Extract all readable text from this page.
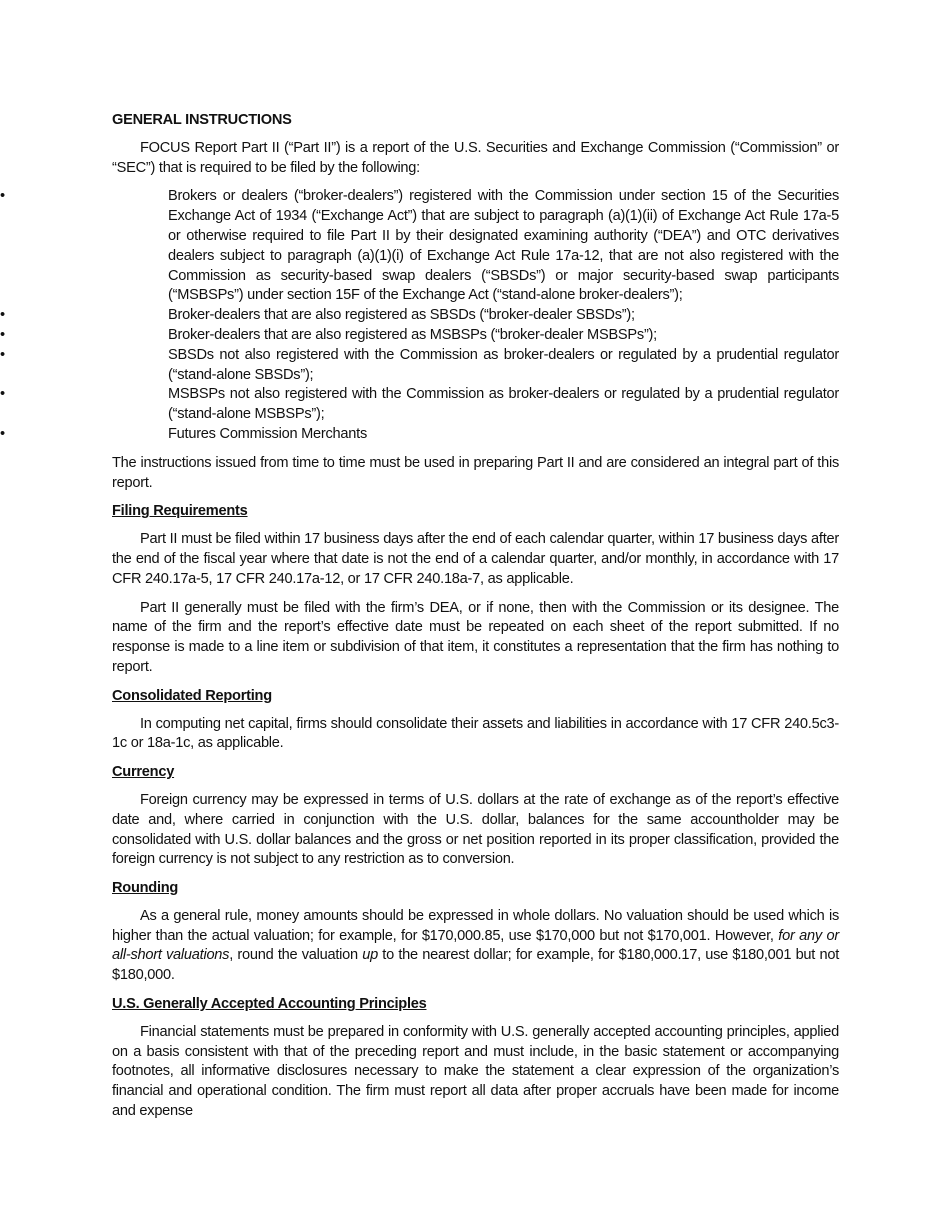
GENERAL INSTRUCTIONS

FOCUS Report Part II (“Part II”) is a report of the U.S. Securities and Exchange Commission (“Commission” or “SEC”) that is required to be filed by the following:

•	Brokers or dealers (“broker-dealers”) registered with the Commission under section 15 of the Securities Exchange Act of 1934 (“Exchange Act”) that are subject to paragraph (a)(1)(ii) of Exchange Act Rule 17a-5 or otherwise required to file Part II by their designated examining authority (“DEA”) and OTC derivatives dealers subject to paragraph (a)(1)(i) of Exchange Act Rule 17a-12, that are not also registered with the Commission as security-based swap dealers (“SBSDs”) or major security-based swap participants (“MSBSPs”) under section 15F of the Exchange Act (“stand-alone broker-dealers”);
•	Broker-dealers that are also registered as SBSDs (“broker-dealer SBSDs”);
•	Broker-dealers that are also registered as MSBSPs (“broker-dealer MSBSPs”);
•	SBSDs not also registered with the Commission as broker-dealers or regulated by a prudential regulator (“stand-alone SBSDs”);
•	MSBSPs not also registered with the Commission as broker-dealers or regulated by a prudential regulator (“stand-alone MSBSPs”);
•	Futures Commission Merchants

The instructions issued from time to time must be used in preparing Part II and are considered an integral part of this report.

Filing Requirements

Part II must be filed within 17 business days after the end of each calendar quarter, within 17 business days after the end of the fiscal year where that date is not the end of a calendar quarter, and/or monthly, in accordance with 17 CFR 240.17a-5, 17 CFR 240.17a-12, or 17 CFR 240.18a-7, as applicable.

Part II generally must be filed with the firm’s DEA, or if none, then with the Commission or its designee. The name of the firm and the report’s effective date must be repeated on each sheet of the report submitted. If no response is made to a line item or subdivision of that item, it constitutes a representation that the firm has nothing to report.

Consolidated Reporting

In computing net capital, firms should consolidate their assets and liabilities in accordance with 17 CFR 240.5c3-1c or 18a-1c, as applicable.

Currency

Foreign currency may be expressed in terms of U.S. dollars at the rate of exchange as of the report’s effective date and, where carried in conjunction with the U.S. dollar, balances for the same accountholder may be consolidated with U.S. dollar balances and the gross or net position reported in its proper classification, provided the foreign currency is not subject to any restriction as to conversion.

Rounding

As a general rule, money amounts should be expressed in whole dollars. No valuation should be used which is higher than the actual valuation; for example, for $170,000.85, use $170,000 but not $170,001. However, for any or all-short valuations, round the valuation up to the nearest dollar; for example, for $180,000.17, use $180,001 but not $180,000.

U.S. Generally Accepted Accounting Principles

Financial statements must be prepared in conformity with U.S. generally accepted accounting principles, applied on a basis consistent with that of the preceding report and must include, in the basic statement or accompanying footnotes, all informative disclosures necessary to make the statement a clear expression of the organization’s financial and operational condition. The firm must report all data after proper accruals have been made for income and expense
